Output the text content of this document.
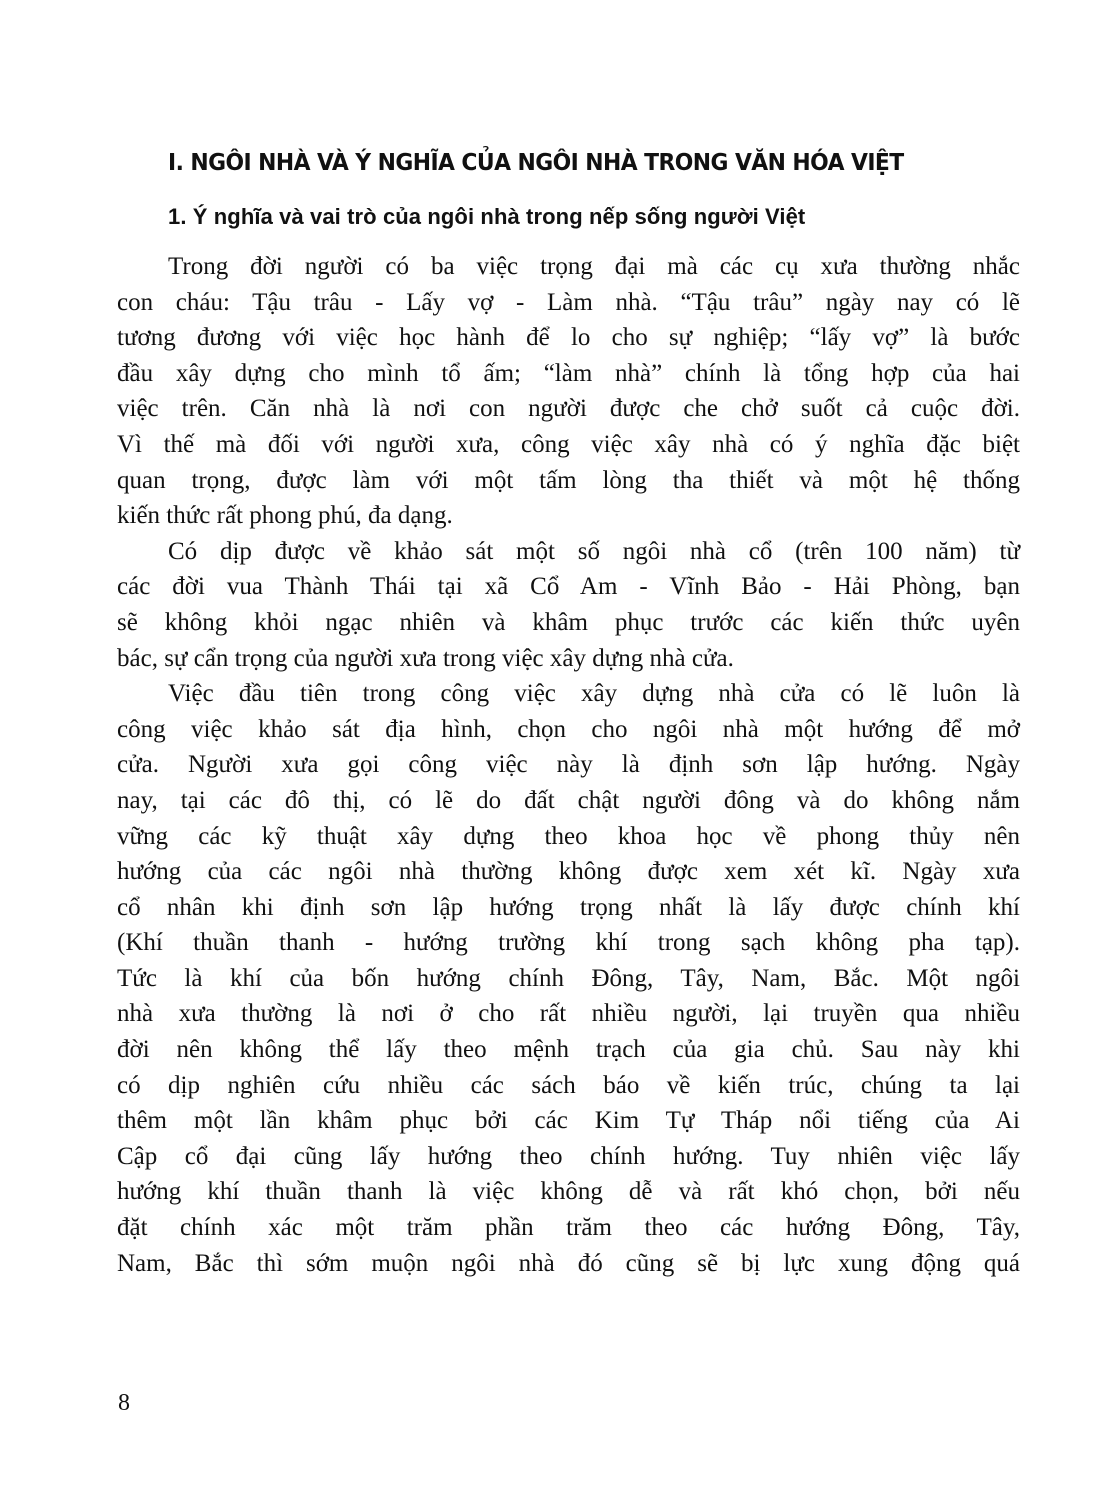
I. NGÔI NHÀ VÀ Ý NGHĨA CỦA NGÔI NHÀ TRONG VĂN HÓA VIỆT
1. Ý nghĩa và vai trò của ngôi nhà trong nếp sống người Việt
Trong đời người có ba việc trọng đại mà các cụ xưa thường nhắc
con cháu: Tậu trâu - Lấy vợ - Làm nhà. “Tậu trâu” ngày nay có lẽ
tương đương với việc học hành để lo cho sự nghiệp; “lấy vợ” là bước
đầu xây dựng cho mình tổ ấm; “làm nhà” chính là tổng hợp của hai
việc trên. Căn nhà là nơi con người được che chở suốt cả cuộc đời.
Vì thế mà đối với người xưa, công việc xây nhà có ý nghĩa đặc biệt
quan trọng, được làm với một tấm lòng tha thiết và một hệ thống
kiến thức rất phong phú, đa dạng.
Có dịp được về khảo sát một số ngôi nhà cổ (trên 100 năm) từ
các đời vua Thành Thái tại xã Cổ Am - Vĩnh Bảo - Hải Phòng, bạn
sẽ không khỏi ngạc nhiên và khâm phục trước các kiến thức uyên
bác, sự cẩn trọng của người xưa trong việc xây dựng nhà cửa.
Việc đầu tiên trong công việc xây dựng nhà cửa có lẽ luôn là
công việc khảo sát địa hình, chọn cho ngôi nhà một hướng để mở
cửa. Người xưa gọi công việc này là định sơn lập hướng. Ngày
nay, tại các đô thị, có lẽ do đất chật người đông và do không nắm
vững các kỹ thuật xây dựng theo khoa học về phong thủy nên
hướng của các ngôi nhà thường không được xem xét kĩ. Ngày xưa
cổ nhân khi định sơn lập hướng trọng nhất là lấy được chính khí
(Khí thuần thanh - hướng trường khí trong sạch không pha tạp).
Tức là khí của bốn hướng chính Đông, Tây, Nam, Bắc. Một ngôi
nhà xưa thường là nơi ở cho rất nhiều người, lại truyền qua nhiều
đời nên không thể lấy theo mệnh trạch của gia chủ. Sau này khi
có dịp nghiên cứu nhiều các sách báo về kiến trúc, chúng ta lại
thêm một lần khâm phục bởi các Kim Tự Tháp nổi tiếng của Ai
Cập cổ đại cũng lấy hướng theo chính hướng. Tuy nhiên việc lấy
hướng khí thuần thanh là việc không dễ và rất khó chọn, bởi nếu
đặt chính xác một trăm phần trăm theo các hướng Đông, Tây,
Nam, Bắc thì sớm muộn ngôi nhà đó cũng sẽ bị lực xung động quá
8
